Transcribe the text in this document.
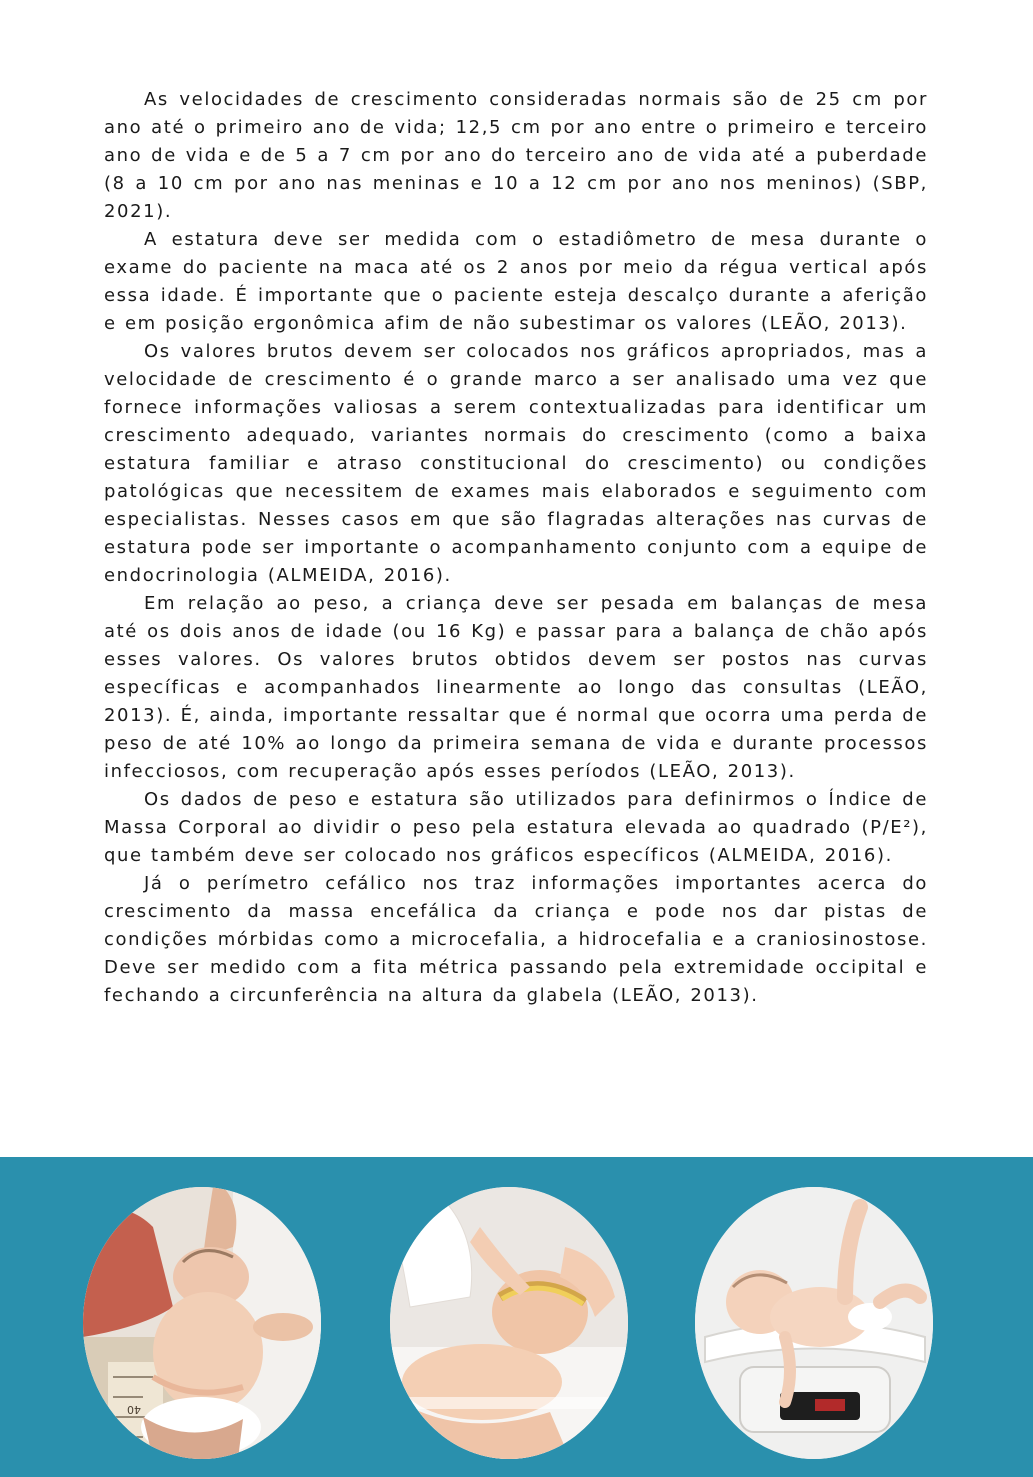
As velocidades de crescimento consideradas normais são de 25 cm por ano até o primeiro ano de vida; 12,5 cm por ano entre o primeiro e terceiro ano de vida e de 5 a 7 cm por ano do terceiro ano de vida até a puberdade (8 a 10 cm por ano nas meninas e 10 a 12 cm por ano nos meninos) (SBP, 2021).

A estatura deve ser medida com o estadiômetro de mesa durante o exame do paciente na maca até os 2 anos por meio da régua vertical após essa idade. É importante que o paciente esteja descalço durante a aferição e em posição ergonômica afim de não subestimar os valores (LEÃO, 2013).

Os valores brutos devem ser colocados nos gráficos apropriados, mas a velocidade de crescimento é o grande marco a ser analisado uma vez que fornece informações valiosas a serem contextualizadas para identificar um crescimento adequado, variantes normais do crescimento (como a baixa estatura familiar e atraso constitucional do crescimento) ou condições patológicas que necessitem de exames mais elaborados e seguimento com especialistas. Nesses casos em que são flagradas alterações nas curvas de estatura pode ser importante o acompanhamento conjunto com a equipe de endocrinologia (ALMEIDA, 2016).

Em relação ao peso, a criança deve ser pesada em balanças de mesa até os dois anos de idade (ou 16 Kg) e passar para a balança de chão após esses valores. Os valores brutos obtidos devem ser postos nas curvas específicas e acompanhados linearmente ao longo das consultas (LEÃO, 2013). É, ainda, importante ressaltar que é normal que ocorra uma perda de peso de até 10% ao longo da primeira semana de vida e durante processos infecciosos, com recuperação após esses períodos (LEÃO, 2013).

Os dados de peso e estatura são utilizados para definirmos o Índice de Massa Corporal ao dividir o peso pela estatura elevada ao quadrado (P/E²), que também deve ser colocado nos gráficos específicos (ALMEIDA, 2016).

Já o perímetro cefálico nos traz informações importantes acerca do crescimento da massa encefálica da criança e pode nos dar pistas de condições mórbidas como a microcefalia, a hidrocefalia e a craniosinostose. Deve ser medido com a fita métrica passando pela extremidade occipital e fechando a circunferência na altura da glabela (LEÃO, 2013).

40
